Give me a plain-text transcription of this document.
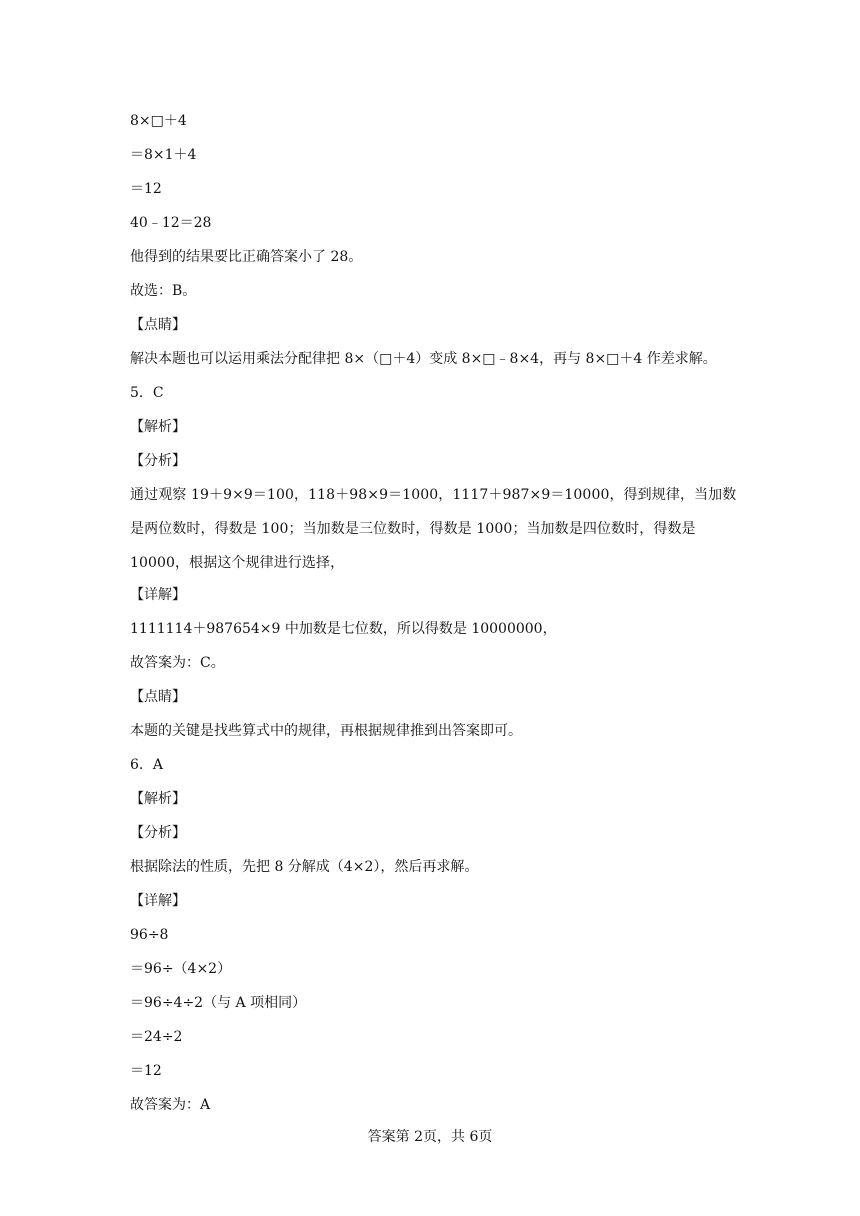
8×□＋4
＝8×1＋4
＝12
40﹣12＝28
他得到的结果要比正确答案小了 28。
故选：B。
【点睛】
解决本题也可以运用乘法分配律把 8×（□＋4）变成 8×□﹣8×4，再与 8×□＋4 作差求解。
5．C
【解析】
【分析】
通过观察 19＋9×9＝100，118＋98×9＝1000，1117＋987×9＝10000，得到规律，当加数是两位数时，得数是 100；当加数是三位数时，得数是 1000；当加数是四位数时，得数是 10000，根据这个规律进行选择，
【详解】
1111114＋987654×9 中加数是七位数，所以得数是 10000000，
故答案为：C。
【点睛】
本题的关键是找些算式中的规律，再根据规律推到出答案即可。
6．A
【解析】
【分析】
根据除法的性质，先把 8 分解成（4×2），然后再求解。
【详解】
96÷8
＝96÷（4×2）
＝96÷4÷2（与 A 项相同）
＝24÷2
＝12
故答案为：A
答案第 2页，共 6页
